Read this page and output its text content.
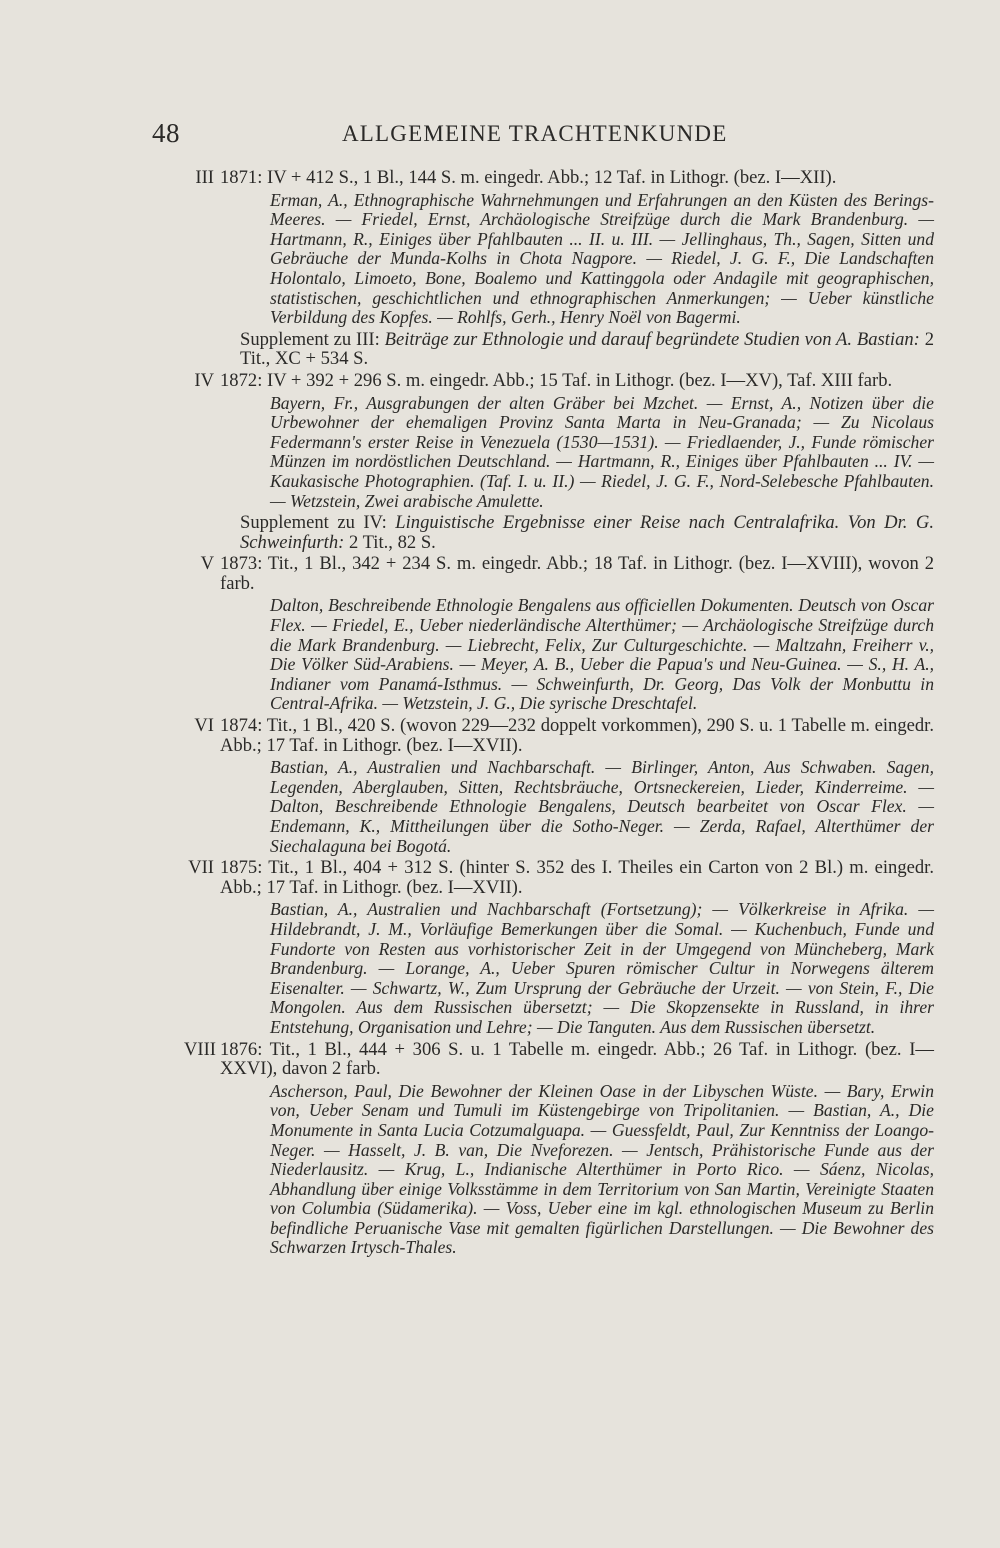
48	ALLGEMEINE TRACHTENKUNDE

III 1871: IV + 412 S., 1 Bl., 144 S. m. eingedr. Abb.; 12 Taf. in Lithogr. (bez. I—XII).

Erman, A., Ethnographische Wahrnehmungen und Erfahrungen an den Küsten des Berings-Meeres. — Friedel, Ernst, Archäologische Streifzüge durch die Mark Brandenburg. — Hartmann, R., Einiges über Pfahlbauten ... II. u. III. — Jellinghaus, Th., Sagen, Sitten und Gebräuche der Munda-Kolhs in Chota Nagpore. — Riedel, J. G. F., Die Landschaften Holontalo, Limoeto, Bone, Boalemo und Kattinggola oder Andagile mit geographischen, statistischen, geschichtlichen und ethnographischen Anmerkungen; — Ueber künstliche Verbildung des Kopfes. — Rohlfs, Gerh., Henry Noël von Bagermi.

Supplement zu III: Beiträge zur Ethnologie und darauf begründete Studien von A. Bastian: 2 Tit., XC + 534 S.

IV 1872: IV + 392 + 296 S. m. eingedr. Abb.; 15 Taf. in Lithogr. (bez. I—XV), Taf. XIII farb.

Bayern, Fr., Ausgrabungen der alten Gräber bei Mzchet. — Ernst, A., Notizen über die Urbewohner der ehemaligen Provinz Santa Marta in Neu-Granada; — Zu Nicolaus Federmann's erster Reise in Venezuela (1530—1531). — Friedlaender, J., Funde römischer Münzen im nordöstlichen Deutschland. — Hartmann, R., Einiges über Pfahlbauten ... IV. — Kaukasische Photographien. (Taf. I. u. II.) — Riedel, J. G. F., Nord-Selebesche Pfahlbauten. — Wetzstein, Zwei arabische Amulette.

Supplement zu IV: Linguistische Ergebnisse einer Reise nach Centralafrika. Von Dr. G. Schweinfurth: 2 Tit., 82 S.

V 1873: Tit., 1 Bl., 342 + 234 S. m. eingedr. Abb.; 18 Taf. in Lithogr. (bez. I—XVIII), wovon 2 farb.

Dalton, Beschreibende Ethnologie Bengalens aus officiellen Dokumenten. Deutsch von Oscar Flex. — Friedel, E., Ueber niederländische Alterthümer; — Archäologische Streifzüge durch die Mark Brandenburg. — Liebrecht, Felix, Zur Culturgeschichte. — Maltzahn, Freiherr v., Die Völker Süd-Arabiens. — Meyer, A. B., Ueber die Papua's und Neu-Guinea. — S., H. A., Indianer vom Panamá-Isthmus. — Schweinfurth, Dr. Georg, Das Volk der Monbuttu in Central-Afrika. — Wetzstein, J. G., Die syrische Dreschtafel.

VI 1874: Tit., 1 Bl., 420 S. (wovon 229—232 doppelt vorkommen), 290 S. u. 1 Tabelle m. eingedr. Abb.; 17 Taf. in Lithogr. (bez. I—XVII).

Bastian, A., Australien und Nachbarschaft. — Birlinger, Anton, Aus Schwaben. Sagen, Legenden, Aberglauben, Sitten, Rechtsbräuche, Ortsneckereien, Lieder, Kinderreime. — Dalton, Beschreibende Ethnologie Bengalens, Deutsch bearbeitet von Oscar Flex. — Endemann, K., Mittheilungen über die Sotho-Neger. — Zerda, Rafael, Alterthümer der Siechalaguna bei Bogotá.

VII 1875: Tit., 1 Bl., 404 + 312 S. (hinter S. 352 des I. Theiles ein Carton von 2 Bl.) m. eingedr. Abb.; 17 Taf. in Lithogr. (bez. I—XVII).

Bastian, A., Australien und Nachbarschaft (Fortsetzung); — Völkerkreise in Afrika. — Hildebrandt, J. M., Vorläufige Bemerkungen über die Somal. — Kuchenbuch, Funde und Fundorte von Resten aus vorhistorischer Zeit in der Umgegend von Müncheberg, Mark Brandenburg. — Lorange, A., Ueber Spuren römischer Cultur in Norwegens älterem Eisenalter. — Schwartz, W., Zum Ursprung der Gebräuche der Urzeit. — von Stein, F., Die Mongolen. Aus dem Russischen übersetzt; — Die Skopzensekte in Russland, in ihrer Entstehung, Organisation und Lehre; — Die Tanguten. Aus dem Russischen übersetzt.

VIII 1876: Tit., 1 Bl., 444 + 306 S. u. 1 Tabelle m. eingedr. Abb.; 26 Taf. in Lithogr. (bez. I—XXVI), davon 2 farb.

Ascherson, Paul, Die Bewohner der Kleinen Oase in der Libyschen Wüste. — Bary, Erwin von, Ueber Senam und Tumuli im Küstengebirge von Tripolitanien. — Bastian, A., Die Monumente in Santa Lucia Cotzumalguapa. — Guessfeldt, Paul, Zur Kenntniss der Loango-Neger. — Hasselt, J. B. van, Die Nveforezen. — Jentsch, Prähistorische Funde aus der Niederlausitz. — Krug, L., Indianische Alterthümer in Porto Rico. — Sáenz, Nicolas, Abhandlung über einige Volksstämme in dem Territorium von San Martin, Vereinigte Staaten von Columbia (Südamerika). — Voss, Ueber eine im kgl. ethnologischen Museum zu Berlin befindliche Peruanische Vase mit gemalten figürlichen Darstellungen. — Die Bewohner des Schwarzen Irtysch-Thales.
